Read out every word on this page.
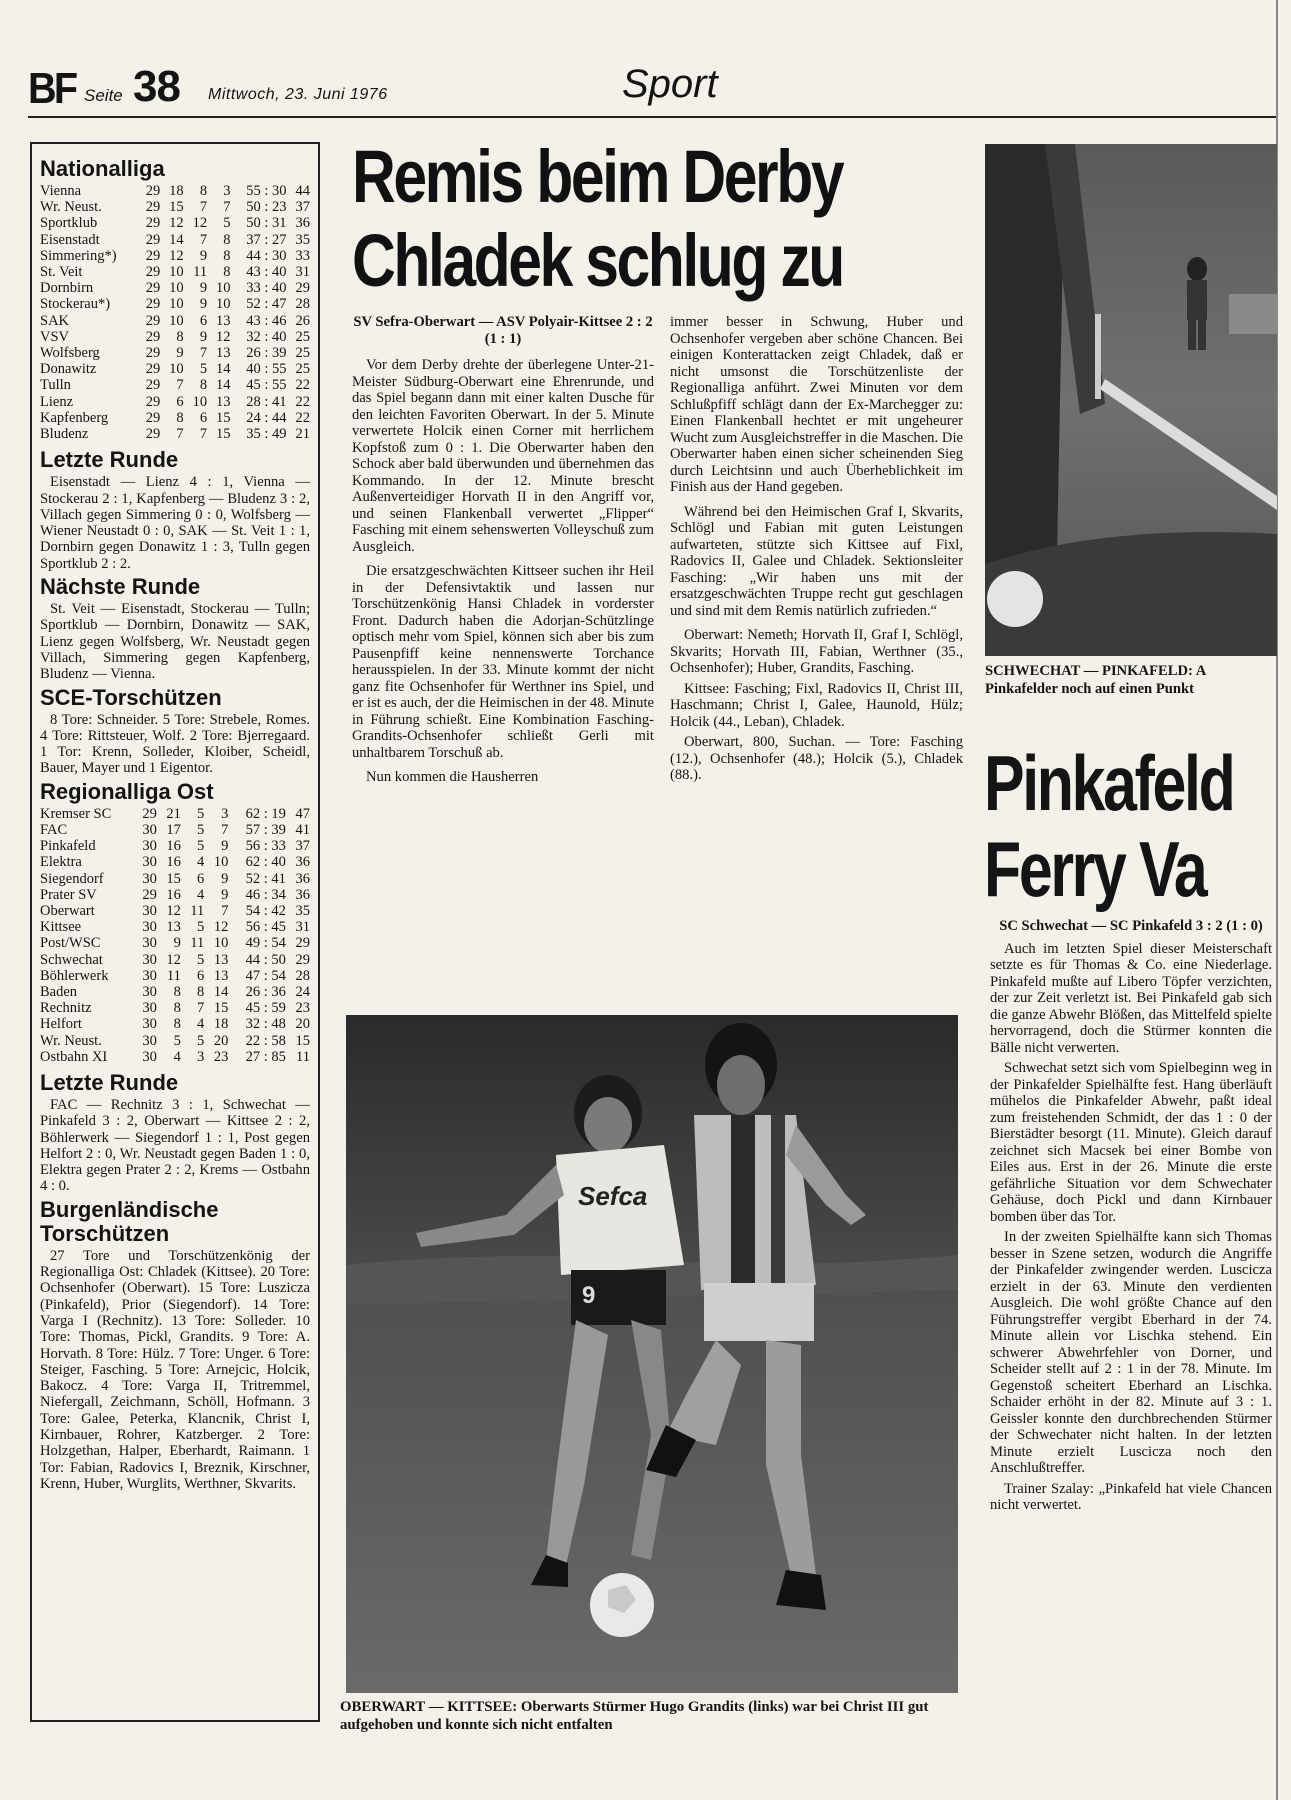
BF Seite 38 Mittwoch, 23. Juni 1976	Sport
Nationalliga
Vienna	29	18	8	3	55 : 30	44
Wr. Neust.	29	15	7	7	50 : 23	37
Sportklub	29	12	12	5	50 : 31	36
Eisenstadt	29	14	7	8	37 : 27	35
Simmering*)	29	12	9	8	44 : 30	33
St. Veit	29	10	11	8	43 : 40	31
Dornbirn	29	10	9	10	33 : 40	29
Stockerau*)	29	10	9	10	52 : 47	28
SAK	29	10	6	13	43 : 46	26
VSV	29	8	9	12	32 : 40	25
Wolfsberg	29	9	7	13	26 : 39	25
Donawitz	29	10	5	14	40 : 55	25
Tulln	29	7	8	14	45 : 55	22
Lienz	29	6	10	13	28 : 41	22
Kapfenberg	29	8	6	15	24 : 44	22
Bludenz	29	7	7	15	35 : 49	21
Letzte Runde

Eisenstadt — Lienz 4 : 1, Vienna — Stockerau 2 : 1, Kapfenberg — Bludenz 3 : 2, Villach gegen Simmering 0 : 0, Wolfsberg — Wiener Neustadt 0 : 0, SAK — St. Veit 1 : 1, Dornbirn gegen Donawitz 1 : 3, Tulln gegen Sportklub 2 : 2.

Nächste Runde

St. Veit — Eisenstadt, Stockerau — Tulln; Sportklub — Dornbirn, Donawitz — SAK, Lienz gegen Wolfsberg, Wr. Neustadt gegen Villach, Simmering gegen Kapfenberg, Bludenz — Vienna.

SCE-Torschützen

8 Tore: Schneider. 5 Tore: Strebele, Romes. 4 Tore: Rittsteuer, Wolf. 2 Tore: Bjerregaard. 1 Tor: Krenn, Solleder, Kloiber, Scheidl, Bauer, Mayer und 1 Eigentor.

Regionalliga Ost
Kremser SC	29	21	5	3	62 : 19	47
FAC	30	17	5	7	57 : 39	41
Pinkafeld	30	16	5	9	56 : 33	37
Elektra	30	16	4	10	62 : 40	36
Siegendorf	30	15	6	9	52 : 41	36
Prater SV	29	16	4	9	46 : 34	36
Oberwart	30	12	11	7	54 : 42	35
Kittsee	30	13	5	12	56 : 45	31
Post/WSC	30	9	11	10	49 : 54	29
Schwechat	30	12	5	13	44 : 50	29
Böhlerwerk	30	11	6	13	47 : 54	28
Baden	30	8	8	14	26 : 36	24
Rechnitz	30	8	7	15	45 : 59	23
Helfort	30	8	4	18	32 : 48	20
Wr. Neust.	30	5	5	20	22 : 58	15
Ostbahn XI	30	4	3	23	27 : 85	11
Letzte Runde

FAC — Rechnitz 3 : 1, Schwechat — Pinkafeld 3 : 2, Oberwart — Kittsee 2 : 2, Böhlerwerk — Siegendorf 1 : 1, Post gegen Helfort 2 : 0, Wr. Neustadt gegen Baden 1 : 0, Elektra gegen Prater 2 : 2, Krems — Ostbahn 4 : 0.

Burgenländische Torschützen

27 Tore und Torschützenkönig der Regionalliga Ost: Chladek (Kittsee). 20 Tore: Ochsenhofer (Oberwart). 15 Tore: Luszicza (Pinkafeld), Prior (Siegendorf). 14 Tore: Varga I (Rechnitz). 13 Tore: Solleder. 10 Tore: Thomas, Pickl, Grandits. 9 Tore: A. Horvath. 8 Tore: Hülz. 7 Tore: Unger. 6 Tore: Steiger, Fasching. 5 Tore: Arnejcic, Holcik, Bakocz. 4 Tore: Varga II, Tritremmel, Niefergall, Zeichmann, Schöll, Hofmann. 3 Tore: Galee, Peterka, Klancnik, Christ I, Kirnbauer, Rohrer, Katzberger. 2 Tore: Holzgethan, Halper, Eberhardt, Raimann. 1 Tor: Fabian, Radovics I, Breznik, Kirschner, Krenn, Huber, Wurglits, Werthner, Skvarits.

Remis beim Derby
Chladek schlug zu

SV Sefra-Oberwart — ASV Polyair-Kittsee 2 : 2 (1 : 1)

Vor dem Derby drehte der überlegene Unter-21-Meister Südburg-Oberwart eine Ehrenrunde, und das Spiel begann dann mit einer kalten Dusche für den leichten Favoriten Oberwart. In der 5. Minute verwertete Holcik einen Corner mit herrlichem Kopfstoß zum 0 : 1. Die Oberwarter haben den Schock aber bald überwunden und übernehmen das Kommando. In der 12. Minute brescht Außenverteidiger Horvath II in den Angriff vor, und seinen Flankenball verwertet „Flipper“ Fasching mit einem sehenswerten Volleyschuß zum Ausgleich.

Die ersatzgeschwächten Kittseer suchen ihr Heil in der Defensivtaktik und lassen nur Torschützenkönig Hansi Chladek in vorderster Front. Dadurch haben die Adorjan-Schützlinge optisch mehr vom Spiel, können sich aber bis zum Pausenpfiff keine nennenswerte Torchance herausspielen. In der 33. Minute kommt der nicht ganz fite Ochsenhofer für Werthner ins Spiel, und er ist es auch, der die Heimischen in der 48. Minute in Führung schießt. Eine Kombination Fasching-Grandits-Ochsenhofer schließt Gerli mit unhaltbarem Torschuß ab.

Nun kommen die Hausherren

immer besser in Schwung, Huber und Ochsenhofer vergeben aber schöne Chancen. Bei einigen Konterattacken zeigt Chladek, daß er nicht umsonst die Torschützenliste der Regionalliga anführt. Zwei Minuten vor dem Schlußpfiff schlägt dann der Ex-Marchegger zu: Einen Flankenball hechtet er mit ungeheurer Wucht zum Ausgleichstreffer in die Maschen. Die Oberwarter haben einen sicher scheinenden Sieg durch Leichtsinn und auch Überheblichkeit im Finish aus der Hand gegeben.

Während bei den Heimischen Graf I, Skvarits, Schlögl und Fabian mit guten Leistungen aufwarteten, stützte sich Kittsee auf Fixl, Radovics II, Galee und Chladek. Sektionsleiter Fasching: „Wir haben uns mit der ersatzgeschwächten Truppe recht gut geschlagen und sind mit dem Remis natürlich zufrieden.“

Oberwart: Nemeth; Horvath II, Graf I, Schlögl, Skvarits; Horvath III, Fabian, Werthner (35., Ochsenhofer); Huber, Grandits, Fasching.

Kittsee: Fasching; Fixl, Radovics II, Christ III, Haschmann; Christ I, Galee, Haunold, Hülz; Holcik (44., Leban), Chladek.

Oberwart, 800, Suchan. — Tore: Fasching (12.), Ochsenhofer (48.); Holcik (5.), Chladek (88.).

Sefca
9
OBERWART — KITTSEE: Oberwarts Stürmer Hugo Grandits (links) war bei Christ III gut aufgehoben und konnte sich nicht entfalten
SCHWECHAT — PINKAFELD: A
Pinkafelder noch auf einen Punkt
Pinkafeld
Ferry Va

SC Schwechat — SC Pinkafeld 3 : 2 (1 : 0)

Auch im letzten Spiel dieser Meisterschaft setzte es für Thomas & Co. eine Niederlage. Pinkafeld mußte auf Libero Töpfer verzichten, der zur Zeit verletzt ist. Bei Pinkafeld gab sich die ganze Abwehr Blößen, das Mittelfeld spielte hervorragend, doch die Stürmer konnten die Bälle nicht verwerten.

Schwechat setzt sich vom Spielbeginn weg in der Pinkafelder Spielhälfte fest. Hang überläuft mühelos die Pinkafelder Abwehr, paßt ideal zum freistehenden Schmidt, der das 1 : 0 der Bierstädter besorgt (11. Minute). Gleich darauf zeichnet sich Macsek bei einer Bombe von Eiles aus. Erst in der 26. Minute die erste gefährliche Situation vor dem Schwechater Gehäuse, doch Pickl und dann Kirnbauer bomben über das Tor.

In der zweiten Spielhälfte kann sich Thomas besser in Szene setzen, wodurch die Angriffe der Pinkafelder zwingender werden. Luscicza erzielt in der 63. Minute den verdienten Ausgleich. Die wohl größte Chance auf den Führungstreffer vergibt Eberhard in der 74. Minute allein vor Lischka stehend. Ein schwerer Abwehrfehler von Dorner, und Scheider stellt auf 2 : 1 in der 78. Minute. Im Gegenstoß scheitert Eberhard an Lischka. Schaider erhöht in der 82. Minute auf 3 : 1. Geissler konnte den durchbrechenden Stürmer der Schwechater nicht halten. In der letzten Minute erzielt Luscicza noch den Anschlußtreffer.

Trainer Szalay: „Pinkafeld hat viele Chancen nicht verwertet.
